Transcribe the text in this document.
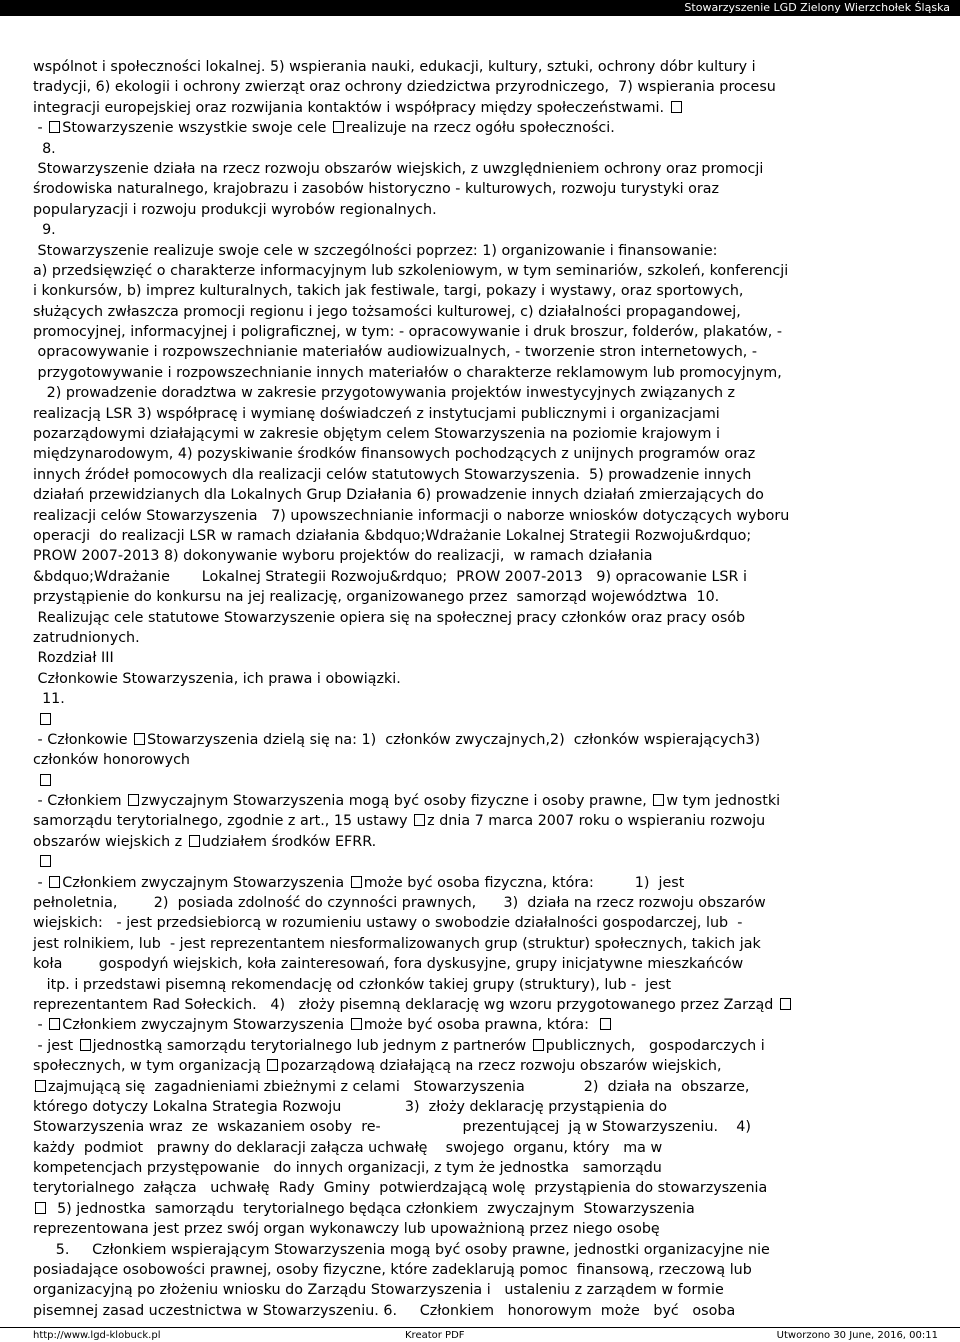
Stowarzyszenie LGD Zielony Wierzchołek Śląska
wspólnot i społeczności lokalnej. 5) wspierania nauki, edukacji, kultury, sztuki, ochrony dóbr kultury i
tradycji, 6) ekologii i ochrony zwierząt oraz ochrony dziedzictwa przyrodniczego,  7) wspierania procesu
integracji europejskiej oraz rozwijania kontaktów i współpracy między społeczeństwami.
- Stowarzyszenie wszystkie swoje cele realizuje na rzecz ogółu społeczności.
8.
Stowarzyszenie działa na rzecz rozwoju obszarów wiejskich, z uwzględnieniem ochrony oraz promocji
środowiska naturalnego, krajobrazu i zasobów historyczno - kulturowych, rozwoju turystyki oraz
popularyzacji i rozwoju produkcji wyrobów regionalnych.
9.
Stowarzyszenie realizuje swoje cele w szczególności poprzez: 1) organizowanie i finansowanie:
a) przedsięwzięć o charakterze informacyjnym lub szkoleniowym, w tym seminariów, szkoleń, konferencji
i konkursów, b) imprez kulturalnych, takich jak festiwale, targi, pokazy i wystawy, oraz sportowych,
służących zwłaszcza promocji regionu i jego tożsamości kulturowej, c) działalności propagandowej,
promocyjnej, informacyjnej i poligraficznej, w tym: - opracowywanie i druk broszur, folderów, plakatów, -
opracowywanie i rozpowszechnianie materiałów audiowizualnych, - tworzenie stron internetowych, -
przygotowywanie i rozpowszechnianie innych materiałów o charakterze reklamowym lub promocyjnym,
2) prowadzenie doradztwa w zakresie przygotowywania projektów inwestycyjnych związanych z
realizacją LSR 3) współpracę i wymianę doświadczeń z instytucjami publicznymi i organizacjami
pozarządowymi działającymi w zakresie objętym celem Stowarzyszenia na poziomie krajowym i
międzynarodowym, 4) pozyskiwanie środków finansowych pochodzących z unijnych programów oraz
innych źródeł pomocowych dla realizacji celów statutowych Stowarzyszenia.  5) prowadzenie innych
działań przewidzianych dla Lokalnych Grup Działania 6) prowadzenie innych działań zmierzających do
realizacji celów Stowarzyszenia   7) upowszechnianie informacji o naborze wniosków dotyczących wyboru
operacji  do realizacji LSR w ramach działania &bdquo;Wdrażanie Lokalnej Strategii Rozwoju&rdquo;
PROW 2007-2013 8) dokonywanie wyboru projektów do realizacji,  w ramach działania
&bdquo;Wdrażanie       Lokalnej Strategii Rozwoju&rdquo;  PROW 2007-2013   9) opracowanie LSR i
przystąpienie do konkursu na jej realizację, organizowanego przez  samorząd województwa  10.
Realizując cele statutowe Stowarzyszenie opiera się na społecznej pracy członków oraz pracy osób
zatrudnionych.
Rozdział III
Członkowie Stowarzyszenia, ich prawa i obowiązki.
11.

- Członkowie Stowarzyszenia dzielą się na: 1)  członków zwyczajnych,2)  członków wspierających3)
członków honorowych

- Członkiem zwyczajnym Stowarzyszenia mogą być osoby fizyczne i osoby prawne, w tym jednostki
samorządu terytorialnego, zgodnie z art., 15 ustawy z dnia 7 marca 2007 roku o wspieraniu rozwoju
obszarów wiejskich z udziałem środków EFRR.

- Członkiem zwyczajnym Stowarzyszenia może być osoba fizyczna, która:         1)  jest
pełnoletnia,        2)  posiada zdolność do czynności prawnych,      3)  działa na rzecz rozwoju obszarów
wiejskich:   - jest przedsiebiorcą w rozumieniu ustawy o swobodzie działalności gospodarczej, lub  -
jest rolnikiem, lub  - jest reprezentantem niesformalizowanych grup (struktur) społecznych, takich jak
koła        gospodyń wiejskich, koła zainteresowań, fora dyskusyjne, grupy inicjatywne mieszkańców
itp. i przedstawi pisemną rekomendację od członków takiej grupy (struktury), lub -  jest
reprezentantem Rad Sołeckich.   4)   złoży pisemną deklarację wg wzoru przygotowanego przez Zarząd
- Członkiem zwyczajnym Stowarzyszenia może być osoba prawna, która:
- jest jednostką samorządu terytorialnego lub jednym z partnerów publicznych,   gospodarczych i
społecznych, w tym organizacją pozarządową działającą na rzecz rozwoju obszarów wiejskich,
zajmującą się  zagadnieniami zbieżnymi z celami   Stowarzyszenia             2)  działa na  obszarze,
którego dotyczy Lokalna Strategia Rozwoju              3)  złoży deklarację przystąpienia do
Stowarzyszenia wraz  ze  wskazaniem osoby  re-                  prezentującej  ją w Stowarzyszeniu.    4)
każdy  podmiot   prawny do deklaracji załącza uchwałę    swojego  organu, który   ma w
kompetencjach przystępowanie   do innych organizacji, z tym że jednostka   samorządu
terytorialnego  załącza   uchwałę  Rady  Gminy  potwierdzającą wolę  przystąpienia do stowarzyszenia
5) jednostka  samorządu  terytorialnego będąca członkiem  zwyczajnym  Stowarzyszenia
reprezentowana jest przez swój organ wykonawczy lub upoważnioną przez niego osobę
5.     Członkiem wspierającym Stowarzyszenia mogą być osoby prawne, jednostki organizacyjne nie
posiadające osobowości prawnej, osoby fizyczne, które zadeklarują pomoc  finansową, rzeczową lub
organizacyjną po złożeniu wniosku do Zarządu Stowarzyszenia i   ustaleniu z zarządem w formie
pisemnej zasad uczestnictwa w Stowarzyszeniu. 6.     Członkiem   honorowym  może   być   osoba
http://www.lgd-klobuck.pl	Kreator PDF	Utworzono 30 June, 2016, 00:11
